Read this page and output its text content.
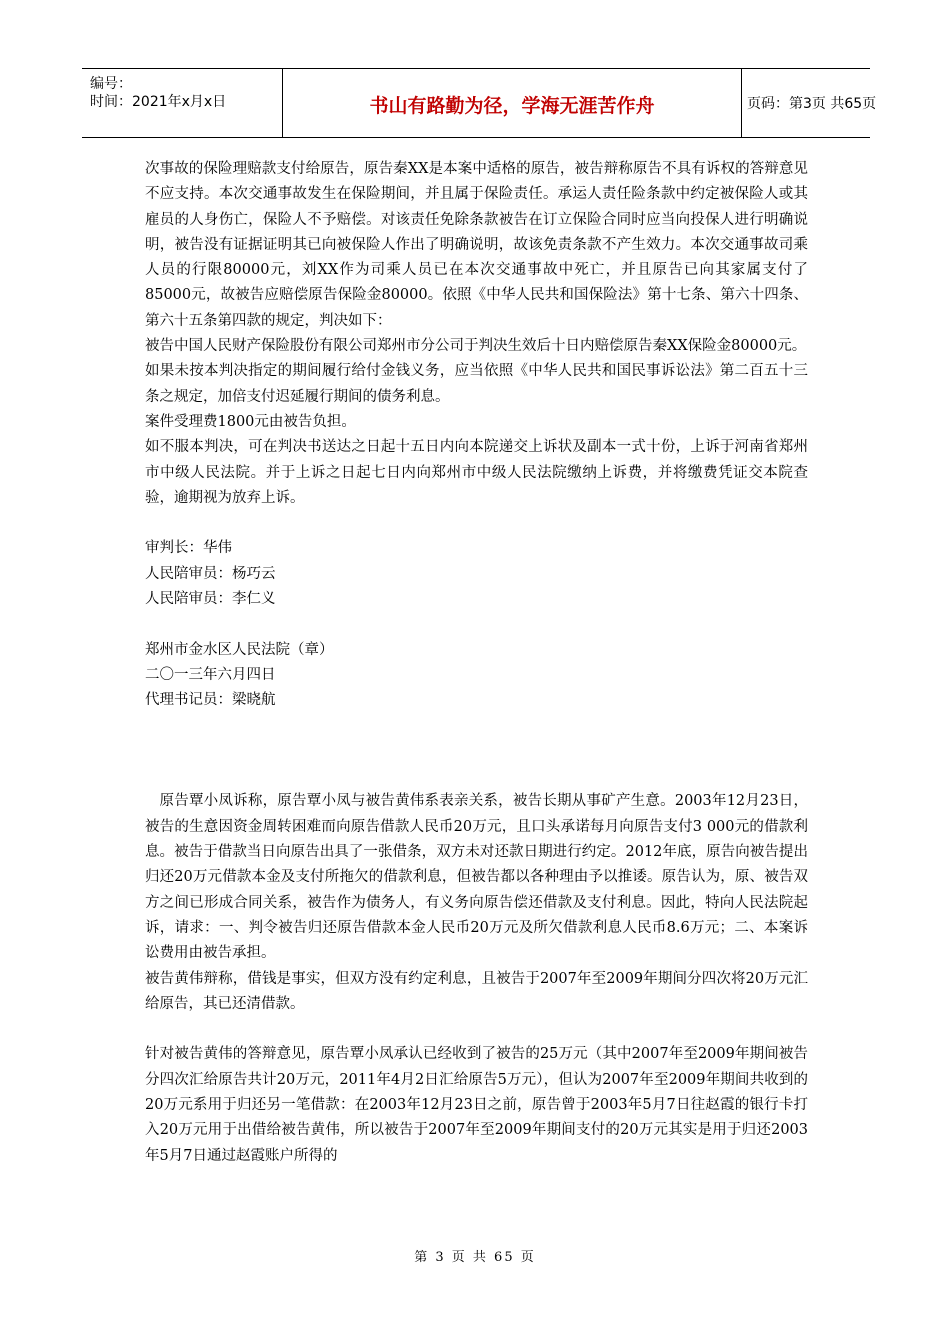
编号：
时间：2021年x月x日	书山有路勤为径，学海无涯苦作舟	页码：第3页 共65页

次事故的保险理赔款支付给原告，原告秦XX是本案中适格的原告，被告辩称原告不具有诉权的答辩意见不应支持。本次交通事故发生在保险期间，并且属于保险责任。承运人责任险条款中约定被保险人或其雇员的人身伤亡，保险人不予赔偿。对该责任免除条款被告在订立保险合同时应当向投保人进行明确说明，被告没有证据证明其已向被保险人作出了明确说明，故该免责条款不产生效力。本次交通事故司乘人员的行限80000元，刘XX作为司乘人员已在本次交通事故中死亡，并且原告已向其家属支付了85000元，故被告应赔偿原告保险金80000。依照《中华人民共和国保险法》第十七条、第六十四条、第六十五条第四款的规定，判决如下：

被告中国人民财产保险股份有限公司郑州市分公司于判决生效后十日内赔偿原告秦XX保险金80000元。

如果未按本判决指定的期间履行给付金钱义务，应当依照《中华人民共和国民事诉讼法》第二百五十三条之规定，加倍支付迟延履行期间的债务利息。

案件受理费1800元由被告负担。

如不服本判决，可在判决书送达之日起十五日内向本院递交上诉状及副本一式十份，上诉于河南省郑州市中级人民法院。并于上诉之日起七日内向郑州市中级人民法院缴纳上诉费，并将缴费凭证交本院查验，逾期视为放弃上诉。

审判长：华伟

人民陪审员：杨巧云

人民陪审员：李仁义

郑州市金水区人民法院（章）

二〇一三年六月四日

代理书记员：梁晓航

原告覃小凤诉称，原告覃小凤与被告黄伟系表亲关系，被告长期从事矿产生意。2003年12月23日，被告的生意因资金周转困难而向原告借款人民币20万元，且口头承诺每月向原告支付3 000元的借款利息。被告于借款当日向原告出具了一张借条，双方未对还款日期进行约定。2012年底，原告向被告提出归还20万元借款本金及支付所拖欠的借款利息，但被告都以各种理由予以推诿。原告认为，原、被告双方之间已形成合同关系，被告作为债务人，有义务向原告偿还借款及支付利息。因此，特向人民法院起诉，请求：一、判令被告归还原告借款本金人民币20万元及所欠借款利息人民币8.6万元；二、本案诉讼费用由被告承担。

被告黄伟辩称，借钱是事实，但双方没有约定利息，且被告于2007年至2009年期间分四次将20万元汇给原告，其已还清借款。

针对被告黄伟的答辩意见，原告覃小凤承认已经收到了被告的25万元（其中2007年至2009年期间被告分四次汇给原告共计20万元，2011年4月2日汇给原告5万元），但认为2007年至2009年期间共收到的20万元系用于归还另一笔借款：在2003年12月23日之前，原告曾于2003年5月7日往赵霞的银行卡打入20万元用于出借给被告黄伟，所以被告于2007年至2009年期间支付的20万元其实是用于归还2003年5月7日通过赵霞账户所得的

第 3 页 共 65 页
